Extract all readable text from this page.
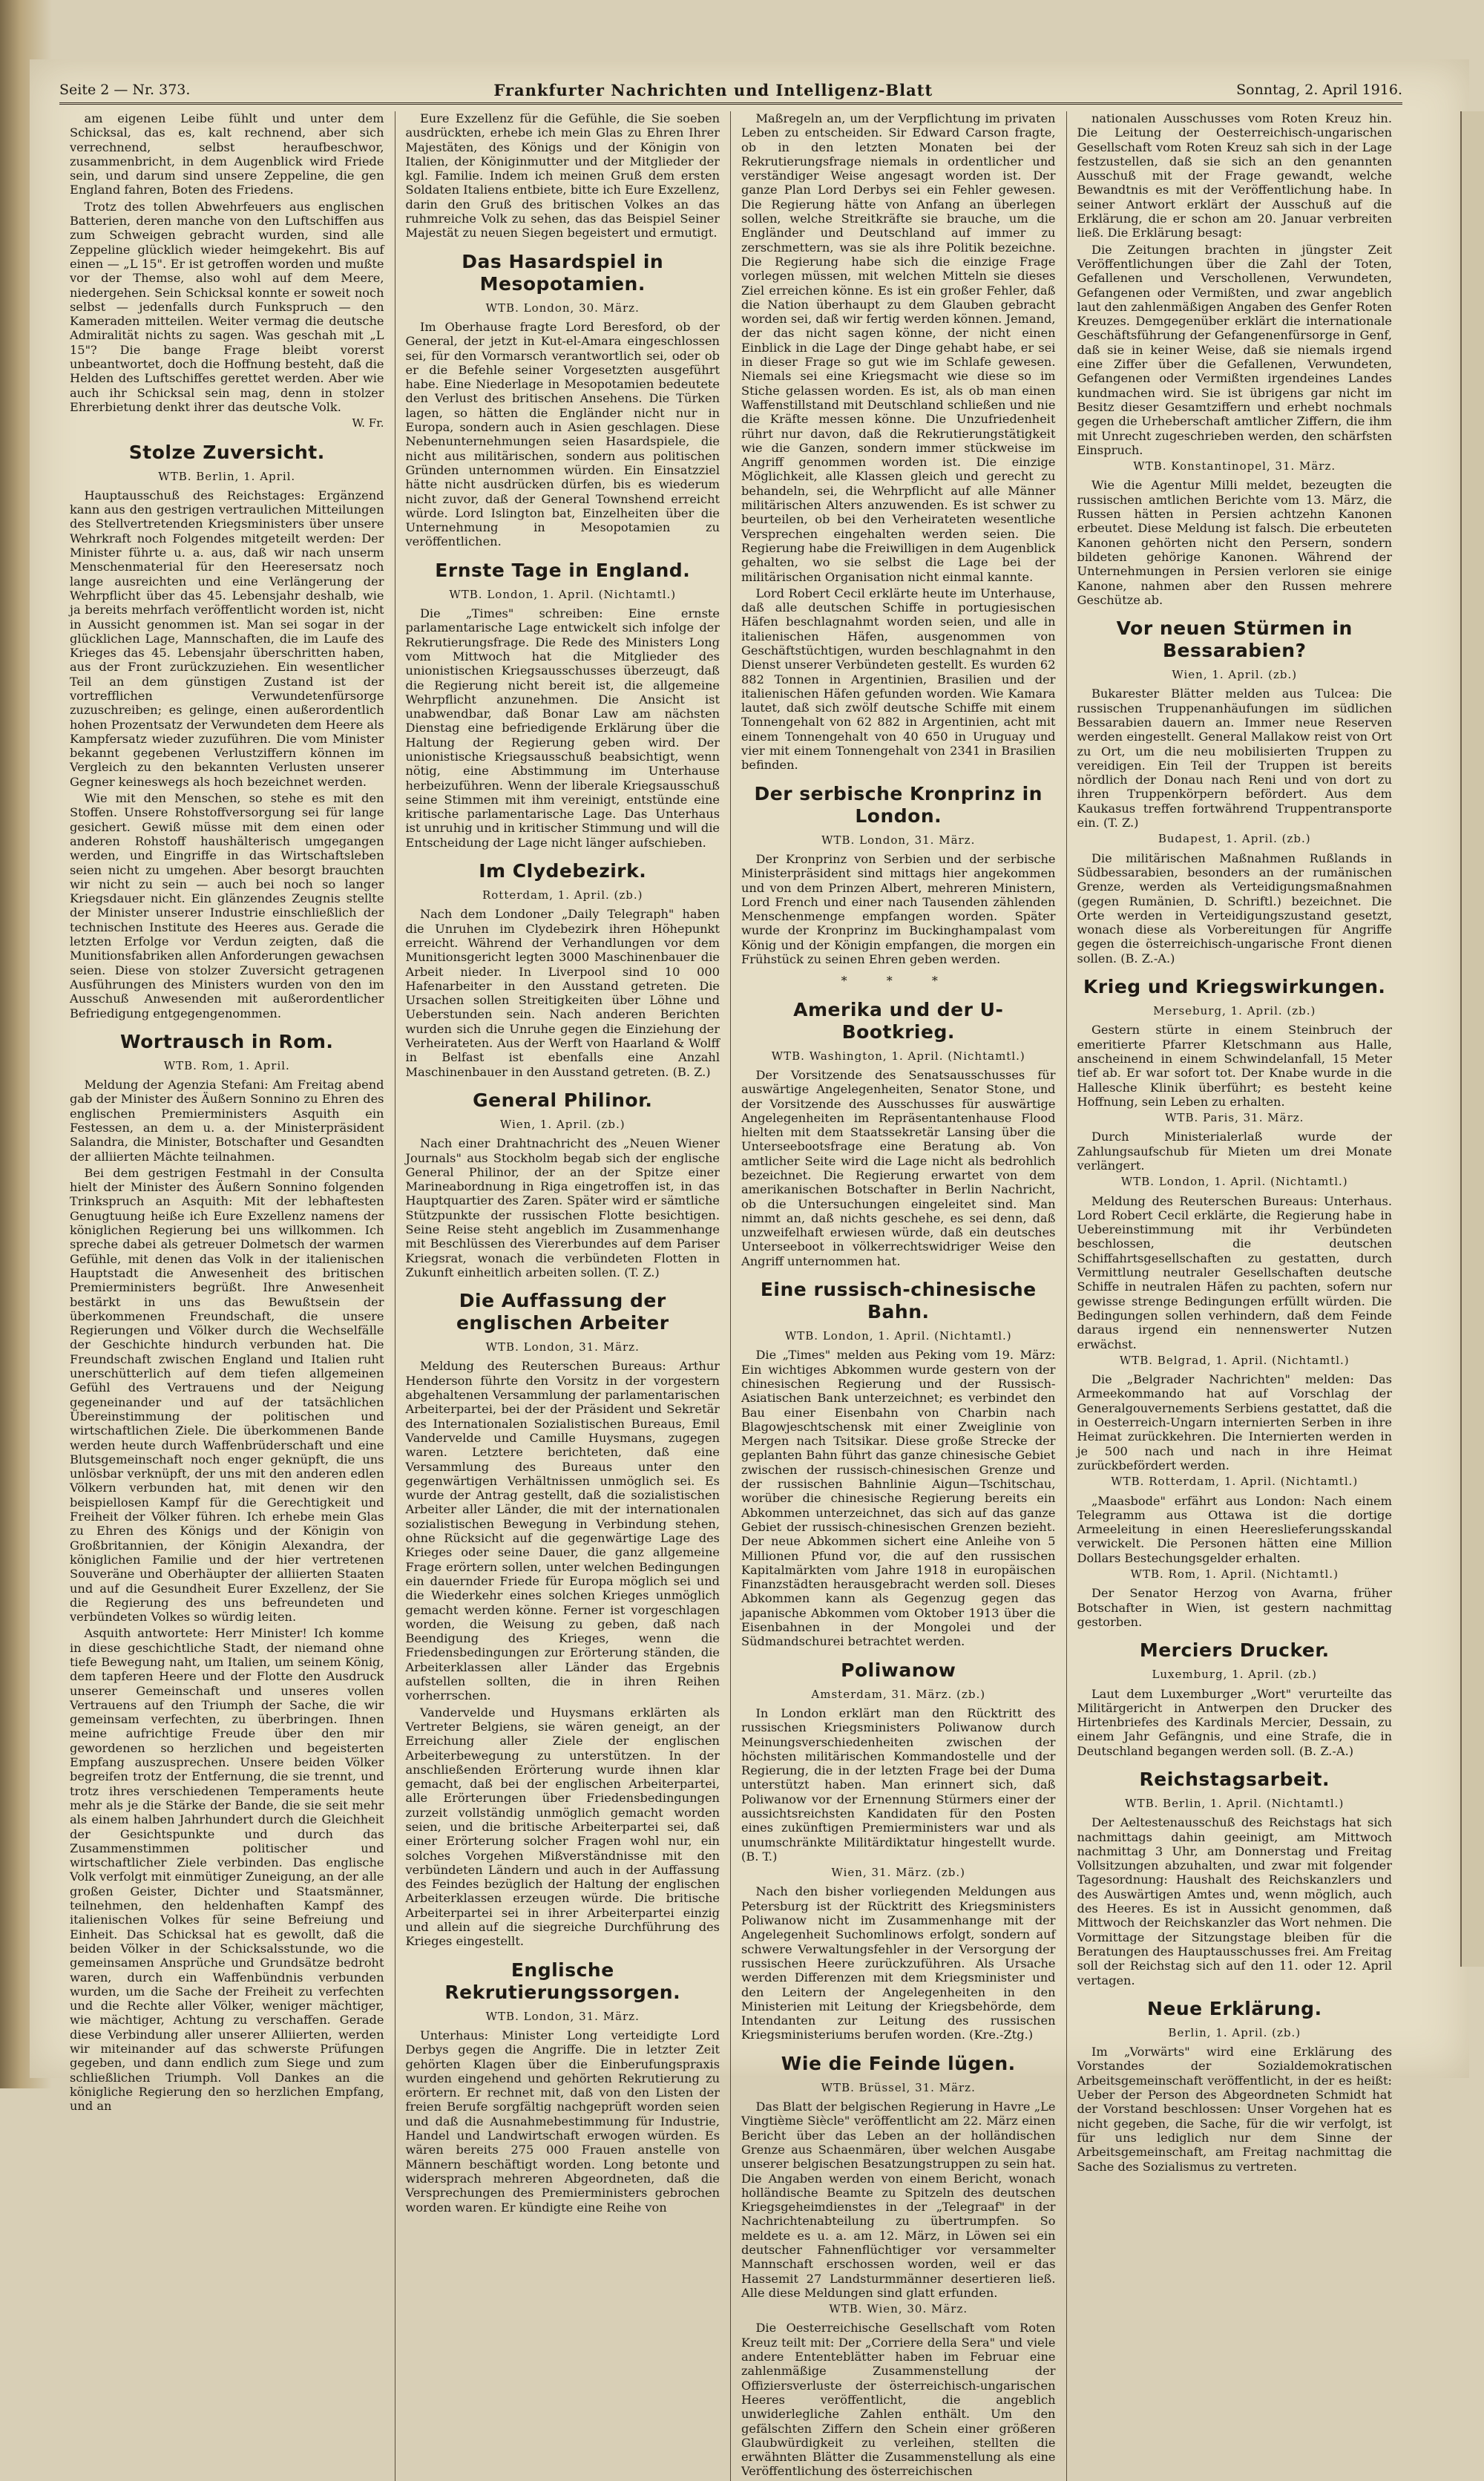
Seite 2 — Nr. 373.	Frankfurter Nachrichten und Intelligenz-Blatt	Sonntag, 2. April 1916.

am eigenen Leibe fühlt und unter dem Schicksal, das es, kalt rechnend, aber sich verrechnend, selbst heraufbeschwor, zusammenbricht, in dem Augenblick wird Friede sein, und darum sind unsere Zeppeline, die gen England fahren, Boten des Friedens.

Trotz des tollen Abwehrfeuers aus englischen Batterien, deren manche von den Luftschiffen aus zum Schweigen gebracht wurden, sind alle Zeppeline glücklich wieder heimgekehrt. Bis auf einen — „L 15". Er ist getroffen worden und mußte vor der Themse, also wohl auf dem Meere, niedergehen. Sein Schicksal konnte er soweit noch selbst — jedenfalls durch Funkspruch — den Kameraden mitteilen. Weiter vermag die deutsche Admiralität nichts zu sagen. Was geschah mit „L 15"? Die bange Frage bleibt vorerst unbeantwortet, doch die Hoffnung besteht, daß die Helden des Luftschiffes gerettet werden. Aber wie auch ihr Schicksal sein mag, denn in stolzer Ehrerbietung denkt ihrer das deutsche Volk.

W. Fr.
Stolze Zuversicht.
WTB. Berlin, 1. April.

Hauptausschuß des Reichstages: Ergänzend kann aus den gestrigen vertraulichen Mitteilungen des Stellvertretenden Kriegsministers über unsere Wehrkraft noch Folgendes mitgeteilt werden: Der Minister führte u. a. aus, daß wir nach unserm Menschenmaterial für den Heeresersatz noch lange ausreichten und eine Verlängerung der Wehrpflicht über das 45. Lebensjahr deshalb, wie ja bereits mehrfach veröffentlicht worden ist, nicht in Aussicht genommen ist. Man sei sogar in der glücklichen Lage, Mannschaften, die im Laufe des Krieges das 45. Lebensjahr überschritten haben, aus der Front zurückzuziehen. Ein wesentlicher Teil an dem günstigen Zustand ist der vortrefflichen Verwundetenfürsorge zuzuschreiben; es gelinge, einen außerordentlich hohen Prozentsatz der Verwundeten dem Heere als Kampfersatz wieder zuzuführen. Die vom Minister bekannt gegebenen Verlustziffern können im Vergleich zu den bekannten Verlusten unserer Gegner keineswegs als hoch bezeichnet werden.

Wie mit den Menschen, so stehe es mit den Stoffen. Unsere Rohstoffversorgung sei für lange gesichert. Gewiß müsse mit dem einen oder anderen Rohstoff haushälterisch umgegangen werden, und Eingriffe in das Wirtschaftsleben seien nicht zu umgehen. Aber besorgt brauchten wir nicht zu sein — auch bei noch so langer Kriegsdauer nicht. Ein glänzendes Zeugnis stellte der Minister unserer Industrie einschließlich der technischen Institute des Heeres aus. Gerade die letzten Erfolge vor Verdun zeigten, daß die Munitionsfabriken allen Anforderungen gewachsen seien. Diese von stolzer Zuversicht getragenen Ausführungen des Ministers wurden von den im Ausschuß Anwesenden mit außerordentlicher Befriedigung entgegengenommen.

Wortrausch in Rom.
WTB. Rom, 1. April.

Meldung der Agenzia Stefani: Am Freitag abend gab der Minister des Äußern Sonnino zu Ehren des englischen Premierministers Asquith ein Festessen, an dem u. a. der Ministerpräsident Salandra, die Minister, Botschafter und Gesandten der alliierten Mächte teilnahmen.

Bei dem gestrigen Festmahl in der Consulta hielt der Minister des Äußern Sonnino folgenden Trinkspruch an Asquith: Mit der lebhaftesten Genugtuung heiße ich Eure Exzellenz namens der königlichen Regierung bei uns willkommen. Ich spreche dabei als getreuer Dolmetsch der warmen Gefühle, mit denen das Volk in der italienischen Hauptstadt die Anwesenheit des britischen Premierministers begrüßt. Ihre Anwesenheit bestärkt in uns das Bewußtsein der überkommenen Freundschaft, die unsere Regierungen und Völker durch die Wechselfälle der Geschichte hindurch verbunden hat. Die Freundschaft zwischen England und Italien ruht unerschütterlich auf dem tiefen allgemeinen Gefühl des Vertrauens und der Neigung gegeneinander und auf der tatsächlichen Übereinstimmung der politischen und wirtschaftlichen Ziele. Die überkommenen Bande werden heute durch Waffenbrüderschaft und eine Blutsgemeinschaft noch enger geknüpft, die uns unlösbar verknüpft, der uns mit den anderen edlen Völkern verbunden hat, mit denen wir den beispiellosen Kampf für die Gerechtigkeit und Freiheit der Völker führen. Ich erhebe mein Glas zu Ehren des Königs und der Königin von Großbritannien, der Königin Alexandra, der königlichen Familie und der hier vertretenen Souveräne und Oberhäupter der alliierten Staaten und auf die Gesundheit Eurer Exzellenz, der Sie die Regierung des uns befreundeten und verbündeten Volkes so würdig leiten.

Asquith antwortete: Herr Minister! Ich komme in diese geschichtliche Stadt, der niemand ohne tiefe Bewegung naht, um Italien, um seinem König, dem tapferen Heere und der Flotte den Ausdruck unserer Gemeinschaft und unseres vollen Vertrauens auf den Triumph der Sache, die wir gemeinsam verfechten, zu überbringen. Ihnen meine aufrichtige Freude über den mir gewordenen so herzlichen und begeisterten Empfang auszusprechen. Unsere beiden Völker begreifen trotz der Entfernung, die sie trennt, und trotz ihres verschiedenen Temperaments heute mehr als je die Stärke der Bande, die sie seit mehr als einem halben Jahrhundert durch die Gleichheit der Gesichtspunkte und durch das Zusammenstimmen politischer und wirtschaftlicher Ziele verbinden. Das englische Volk verfolgt mit einmütiger Zuneigung, an der alle großen Geister, Dichter und Staatsmänner, teilnehmen, den heldenhaften Kampf des italienischen Volkes für seine Befreiung und Einheit. Das Schicksal hat es gewollt, daß die beiden Völker in der Schicksalsstunde, wo die gemeinsamen Ansprüche und Grundsätze bedroht waren, durch ein Waffenbündnis verbunden wurden, um die Sache der Freiheit zu verfechten und die Rechte aller Völker, weniger mächtiger, wie mächtiger, Achtung zu verschaffen. Gerade diese Verbindung aller unserer Alliierten, werden wir miteinander auf das schwerste Prüfungen gegeben, und dann endlich zum Siege und zum schließlichen Triumph. Voll Dankes an die königliche Regierung den so herzlichen Empfang, und an

Eure Exzellenz für die Gefühle, die Sie soeben ausdrückten, erhebe ich mein Glas zu Ehren Ihrer Majestäten, des Königs und der Königin von Italien, der Königinmutter und der Mitglieder der kgl. Familie. Indem ich meinen Gruß dem ersten Soldaten Italiens entbiete, bitte ich Eure Exzellenz, darin den Gruß des britischen Volkes an das ruhmreiche Volk zu sehen, das das Beispiel Seiner Majestät zu neuen Siegen begeistert und ermutigt.

Das Hasardspiel in Mesopotamien.
WTB. London, 30. März.

Im Oberhause fragte Lord Beresford, ob der General, der jetzt in Kut-el-Amara eingeschlossen sei, für den Vormarsch verantwortlich sei, oder ob er die Befehle seiner Vorgesetzten ausgeführt habe. Eine Niederlage in Mesopotamien bedeutete den Verlust des britischen Ansehens. Die Türken lagen, so hätten die Engländer nicht nur in Europa, sondern auch in Asien geschlagen. Diese Nebenunternehmungen seien Hasardspiele, die nicht aus militärischen, sondern aus politischen Gründen unternommen würden. Ein Einsatzziel hätte nicht ausdrücken dürfen, bis es wiederum nicht zuvor, daß der General Townshend erreicht würde. Lord Islington bat, Einzelheiten über die Unternehmung in Mesopotamien zu veröffentlichen.

Ernste Tage in England.
WTB. London, 1. April. (Nichtamtl.)

Die „Times" schreiben: Eine ernste parlamentarische Lage entwickelt sich infolge der Rekrutierungsfrage. Die Rede des Ministers Long vom Mittwoch hat die Mitglieder des unionistischen Kriegsausschusses überzeugt, daß die Regierung nicht bereit ist, die allgemeine Wehrpflicht anzunehmen. Die Ansicht ist unabwendbar, daß Bonar Law am nächsten Dienstag eine befriedigende Erklärung über die Haltung der Regierung geben wird. Der unionistische Kriegsausschuß beabsichtigt, wenn nötig, eine Abstimmung im Unterhause herbeizuführen. Wenn der liberale Kriegsausschuß seine Stimmen mit ihm vereinigt, entstünde eine kritische parlamentarische Lage. Das Unterhaus ist unruhig und in kritischer Stimmung und will die Entscheidung der Lage nicht länger aufschieben.

Im Clydebezirk.
Rotterdam, 1. April. (zb.)

Nach dem Londoner „Daily Telegraph" haben die Unruhen im Clydebezirk ihren Höhepunkt erreicht. Während der Verhandlungen vor dem Munitionsgericht legten 3000 Maschinenbauer die Arbeit nieder. In Liverpool sind 10 000 Hafenarbeiter in den Ausstand getreten. Die Ursachen sollen Streitigkeiten über Löhne und Ueberstunden sein. Nach anderen Berichten wurden sich die Unruhe gegen die Einziehung der Verheirateten. Aus der Werft von Haarland & Wolff in Belfast ist ebenfalls eine Anzahl Maschinenbauer in den Ausstand getreten. (B. Z.)

General Philinor.
Wien, 1. April. (zb.)

Nach einer Drahtnachricht des „Neuen Wiener Journals" aus Stockholm begab sich der englische General Philinor, der an der Spitze einer Marineabordnung in Riga eingetroffen ist, in das Hauptquartier des Zaren. Später wird er sämtliche Stützpunkte der russischen Flotte besichtigen. Seine Reise steht angeblich im Zusammenhange mit Beschlüssen des Viererbundes auf dem Pariser Kriegsrat, wonach die verbündeten Flotten in Zukunft einheitlich arbeiten sollen. (T. Z.)

Die Auffassung der englischen Arbeiter
WTB. London, 31. März.

Meldung des Reuterschen Bureaus: Arthur Henderson führte den Vorsitz in der vorgestern abgehaltenen Versammlung der parlamentarischen Arbeiterpartei, bei der der Präsident und Sekretär des Internationalen Sozialistischen Bureaus, Emil Vandervelde und Camille Huysmans, zugegen waren. Letztere berichteten, daß eine Versammlung des Bureaus unter den gegenwärtigen Verhältnissen unmöglich sei. Es wurde der Antrag gestellt, daß die sozialistischen Arbeiter aller Länder, die mit der internationalen sozialistischen Bewegung in Verbindung stehen, ohne Rücksicht auf die gegenwärtige Lage des Krieges oder seine Dauer, die ganz allgemeine Frage erörtern sollen, unter welchen Bedingungen ein dauernder Friede für Europa möglich sei und die Wiederkehr eines solchen Krieges unmöglich gemacht werden könne. Ferner ist vorgeschlagen worden, die Weisung zu geben, daß nach Beendigung des Krieges, wenn die Friedensbedingungen zur Erörterung ständen, die Arbeiterklassen aller Länder das Ergebnis aufstellen sollten, die in ihren Reihen vorherrschen.

Vandervelde und Huysmans erklärten als Vertreter Belgiens, sie wären geneigt, an der Erreichung aller Ziele der englischen Arbeiterbewegung zu unterstützen. In der anschließenden Erörterung wurde ihnen klar gemacht, daß bei der englischen Arbeiterpartei, alle Erörterungen über Friedensbedingungen zurzeit vollständig unmöglich gemacht worden seien, und die britische Arbeiterpartei sei, daß einer Erörterung solcher Fragen wohl nur, ein solches Vorgehen Mißverständnisse mit den verbündeten Ländern und auch in der Auffassung des Feindes bezüglich der Haltung der englischen Arbeiterklassen erzeugen würde. Die britische Arbeiterpartei sei in ihrer Arbeiterpartei einzig und allein auf die siegreiche Durchführung des Krieges eingestellt.

Englische Rekrutierungssorgen.
WTB. London, 31. März.

Unterhaus: Minister Long verteidigte Lord Derbys gegen die Angriffe. Die in letzter Zeit gehörten Klagen über die Einberufungspraxis wurden eingehend und gehörten Rekrutierung zu erörtern. Er rechnet mit, daß von den Listen der freien Berufe sorgfältig nachgeprüft worden seien und daß die Ausnahmebestimmung für Industrie, Handel und Landwirtschaft erwogen würden. Es wären bereits 275 000 Frauen anstelle von Männern beschäftigt worden. Long betonte und widersprach mehreren Abgeordneten, daß die Versprechungen des Premierministers gebrochen worden waren. Er kündigte eine Reihe von

Maßregeln an, um der Verpflichtung im privaten Leben zu entscheiden. Sir Edward Carson fragte, ob in den letzten Monaten bei der Rekrutierungsfrage niemals in ordentlicher und verständiger Weise angesagt worden ist. Der ganze Plan Lord Derbys sei ein Fehler gewesen. Die Regierung hätte von Anfang an überlegen sollen, welche Streitkräfte sie brauche, um die Engländer und Deutschland auf immer zu zerschmettern, was sie als ihre Politik bezeichne. Die Regierung habe sich die einzige Frage vorlegen müssen, mit welchen Mitteln sie dieses Ziel erreichen könne. Es ist ein großer Fehler, daß die Nation überhaupt zu dem Glauben gebracht worden sei, daß wir fertig werden können. Jemand, der das nicht sagen könne, der nicht einen Einblick in die Lage der Dinge gehabt habe, er sei in dieser Frage so gut wie im Schlafe gewesen. Niemals sei eine Kriegsmacht wie diese so im Stiche gelassen worden. Es ist, als ob man einen Waffenstillstand mit Deutschland schließen und nie die Kräfte messen könne. Die Unzufriedenheit rührt nur davon, daß die Rekrutierungstätigkeit wie die Ganzen, sondern immer stückweise im Angriff genommen worden ist. Die einzige Möglichkeit, alle Klassen gleich und gerecht zu behandeln, sei, die Wehrpflicht auf alle Männer militärischen Alters anzuwenden. Es ist schwer zu beurteilen, ob bei den Verheirateten wesentliche Versprechen eingehalten werden seien. Die Regierung habe die Freiwilligen in dem Augenblick gehalten, wo sie selbst die Lage bei der militärischen Organisation nicht einmal kannte.

Lord Robert Cecil erklärte heute im Unterhause, daß alle deutschen Schiffe in portugiesischen Häfen beschlagnahmt worden seien, und alle in italienischen Häfen, ausgenommen von Geschäftstüchtigen, wurden beschlagnahmt in den Dienst unserer Verbündeten gestellt. Es wurden 62 882 Tonnen in Argentinien, Brasilien und der italienischen Häfen gefunden worden. Wie Kamara lautet, daß sich zwölf deutsche Schiffe mit einem Tonnengehalt von 62 882 in Argentinien, acht mit einem Tonnengehalt von 40 650 in Uruguay und vier mit einem Tonnengehalt von 2341 in Brasilien befinden.

Der serbische Kronprinz in London.
WTB. London, 31. März.

Der Kronprinz von Serbien und der serbische Ministerpräsident sind mittags hier angekommen und von dem Prinzen Albert, mehreren Ministern, Lord French und einer nach Tausenden zählenden Menschenmenge empfangen worden. Später wurde der Kronprinz im Buckinghampalast vom König und der Königin empfangen, die morgen ein Frühstück zu seinen Ehren geben werden.

* * *
Amerika und der U-Bootkrieg.
WTB. Washington, 1. April. (Nichtamtl.)

Der Vorsitzende des Senatsausschusses für auswärtige Angelegenheiten, Senator Stone, und der Vorsitzende des Ausschusses für auswärtige Angelegenheiten im Repräsentantenhause Flood hielten mit dem Staatssekretär Lansing über die Unterseebootsfrage eine Beratung ab. Von amtlicher Seite wird die Lage nicht als bedrohlich bezeichnet. Die Regierung erwartet von dem amerikanischen Botschafter in Berlin Nachricht, ob die Untersuchungen eingeleitet sind. Man nimmt an, daß nichts geschehe, es sei denn, daß unzweifelhaft erwiesen würde, daß ein deutsches Unterseeboot in völkerrechtswidriger Weise den Angriff unternommen hat.

Eine russisch-chinesische Bahn.
WTB. London, 1. April. (Nichtamtl.)

Die „Times" melden aus Peking vom 19. März: Ein wichtiges Abkommen wurde gestern von der chinesischen Regierung und der Russisch-Asiatischen Bank unterzeichnet; es verbindet den Bau einer Eisenbahn von Charbin nach Blagowjeschtschensk mit einer Zweiglinie von Mergen nach Tsitsikar. Diese große Strecke der geplanten Bahn führt das ganze chinesische Gebiet zwischen der russisch-chinesischen Grenze und der russischen Bahnlinie Aigun—Tschitschau, worüber die chinesische Regierung bereits ein Abkommen unterzeichnet, das sich auf das ganze Gebiet der russisch-chinesischen Grenzen bezieht. Der neue Abkommen sichert eine Anleihe von 5 Millionen Pfund vor, die auf den russischen Kapitalmärkten vom Jahre 1918 in europäischen Finanzstädten herausgebracht werden soll. Dieses Abkommen kann als Gegenzug gegen das japanische Abkommen vom Oktober 1913 über die Eisenbahnen in der Mongolei und der Südmandschurei betrachtet werden.

Poliwanow
Amsterdam, 31. März. (zb.)

In London erklärt man den Rücktritt des russischen Kriegsministers Poliwanow durch Meinungsverschiedenheiten zwischen der höchsten militärischen Kommandostelle und der Regierung, die in der letzten Frage bei der Duma unterstützt haben. Man erinnert sich, daß Poliwanow vor der Ernennung Stürmers einer der aussichtsreichsten Kandidaten für den Posten eines zukünftigen Premierministers war und als unumschränkte Militärdiktatur hingestellt wurde. (B. T.)

Wien, 31. März. (zb.)

Nach den bisher vorliegenden Meldungen aus Petersburg ist der Rücktritt des Kriegsministers Poliwanow nicht im Zusammenhange mit der Angelegenheit Suchomlinows erfolgt, sondern auf schwere Verwaltungsfehler in der Versorgung der russischen Heere zurückzuführen. Als Ursache werden Differenzen mit dem Kriegsminister und den Leitern der Angelegenheiten in den Ministerien mit Leitung der Kriegsbehörde, dem Intendanten zur Leitung des russischen Kriegsministeriums berufen worden. (Kre.-Ztg.)

Wie die Feinde lügen.
WTB. Brüssel, 31. März.

Das Blatt der belgischen Regierung in Havre „Le Vingtième Siècle" veröffentlicht am 22. März einen Bericht über das Leben an der holländischen Grenze aus Schaenmären, über welchen Ausgabe unserer belgischen Besatzungstruppen zu sein hat. Die Angaben werden von einem Bericht, wonach holländische Beamte zu Spitzeln des deutschen Kriegsgeheimdienstes in der „Telegraaf" in der Nachrichtenabteilung zu übertrumpfen. So meldete es u. a. am 12. März, in Löwen sei ein deutscher Fahnenflüchtiger vor versammelter Mannschaft erschossen worden, weil er das Hassemit 27 Landsturmmänner desertieren ließ. Alle diese Meldungen sind glatt erfunden.

WTB. Wien, 30. März.

Die Oesterreichische Gesellschaft vom Roten Kreuz teilt mit: Der „Corriere della Sera" und viele andere Ententeblätter haben im Februar eine zahlenmäßige Zusammenstellung der Offiziersverluste der österreichisch-ungarischen Heeres veröffentlicht, die angeblich unwiderlegliche Zahlen enthält. Um den gefälschten Ziffern den Schein einer größeren Glaubwürdigkeit zu verleihen, stellten die erwähnten Blätter die Zusammenstellung als eine Veröffentlichung des österreichischen

nationalen Ausschusses vom Roten Kreuz hin. Die Leitung der Oesterreichisch-ungarischen Gesellschaft vom Roten Kreuz sah sich in der Lage festzustellen, daß sie sich an den genannten Ausschuß mit der Frage gewandt, welche Bewandtnis es mit der Veröffentlichung habe. In seiner Antwort erklärt der Ausschuß auf die Erklärung, die er schon am 20. Januar verbreiten ließ. Die Erklärung besagt:

Die Zeitungen brachten in jüngster Zeit Veröffentlichungen über die Zahl der Toten, Gefallenen und Verschollenen, Verwundeten, Gefangenen oder Vermißten, und zwar angeblich laut den zahlenmäßigen Angaben des Genfer Roten Kreuzes. Demgegenüber erklärt die internationale Geschäftsführung der Gefangenenfürsorge in Genf, daß sie in keiner Weise, daß sie niemals irgend eine Ziffer über die Gefallenen, Verwundeten, Gefangenen oder Vermißten irgendeines Landes kundmachen wird. Sie ist übrigens gar nicht im Besitz dieser Gesamtziffern und erhebt nochmals gegen die Urheberschaft amtlicher Ziffern, die ihm mit Unrecht zugeschrieben werden, den schärfsten Einspruch.

WTB. Konstantinopel, 31. März.

Wie die Agentur Milli meldet, bezeugten die russischen amtlichen Berichte vom 13. März, die Russen hätten in Persien achtzehn Kanonen erbeutet. Diese Meldung ist falsch. Die erbeuteten Kanonen gehörten nicht den Persern, sondern bildeten gehörige Kanonen. Während der Unternehmungen in Persien verloren sie einige Kanone, nahmen aber den Russen mehrere Geschütze ab.

Vor neuen Stürmen in Bessarabien?
Wien, 1. April. (zb.)

Bukarester Blätter melden aus Tulcea: Die russischen Truppenanhäufungen im südlichen Bessarabien dauern an. Immer neue Reserven werden eingestellt. General Mallakow reist von Ort zu Ort, um die neu mobilisierten Truppen zu vereidigen. Ein Teil der Truppen ist bereits nördlich der Donau nach Reni und von dort zu ihren Truppenkörpern befördert. Aus dem Kaukasus treffen fortwährend Truppentransporte ein. (T. Z.)

Budapest, 1. April. (zb.)

Die militärischen Maßnahmen Rußlands in Südbessarabien, besonders an der rumänischen Grenze, werden als Verteidigungsmaßnahmen (gegen Rumänien, D. Schriftl.) bezeichnet. Die Orte werden in Verteidigungszustand gesetzt, wonach diese als Vorbereitungen für Angriffe gegen die österreichisch-ungarische Front dienen sollen. (B. Z.-A.)

Krieg und Kriegswirkungen.
Merseburg, 1. April. (zb.)

Gestern stürte in einem Steinbruch der emeritierte Pfarrer Kletschmann aus Halle, anscheinend in einem Schwindelanfall, 15 Meter tief ab. Er war sofort tot. Der Knabe wurde in die Hallesche Klinik überführt; es besteht keine Hoffnung, sein Leben zu erhalten.

WTB. Paris, 31. März.

Durch Ministerialerlaß wurde der Zahlungsaufschub für Mieten um drei Monate verlängert.

WTB. London, 1. April. (Nichtamtl.)

Meldung des Reuterschen Bureaus: Unterhaus. Lord Robert Cecil erklärte, die Regierung habe in Uebereinstimmung mit ihr Verbündeten beschlossen, die deutschen Schiffahrtsgesellschaften zu gestatten, durch Vermittlung neutraler Gesellschaften deutsche Schiffe in neutralen Häfen zu pachten, sofern nur gewisse strenge Bedingungen erfüllt würden. Die Bedingungen sollen verhindern, daß dem Feinde daraus irgend ein nennenswerter Nutzen erwächst.

WTB. Belgrad, 1. April. (Nichtamtl.)

Die „Belgrader Nachrichten" melden: Das Armeekommando hat auf Vorschlag der Generalgouvernements Serbiens gestattet, daß die in Oesterreich-Ungarn internierten Serben in ihre Heimat zurückkehren. Die Internierten werden in je 500 nach und nach in ihre Heimat zurückbefördert werden.

WTB. Rotterdam, 1. April. (Nichtamtl.)

„Maasbode" erfährt aus London: Nach einem Telegramm aus Ottawa ist die dortige Armeeleitung in einen Heereslieferungsskandal verwickelt. Die Personen hätten eine Million Dollars Bestechungsgelder erhalten.

WTB. Rom, 1. April. (Nichtamtl.)

Der Senator Herzog von Avarna, früher Botschafter in Wien, ist gestern nachmittag gestorben.

Merciers Drucker.
Luxemburg, 1. April. (zb.)

Laut dem Luxemburger „Wort" verurteilte das Militärgericht in Antwerpen den Drucker des Hirtenbriefes des Kardinals Mercier, Dessain, zu einem Jahr Gefängnis, und eine Strafe, die in Deutschland begangen werden soll. (B. Z.-A.)

Reichstagsarbeit.
WTB. Berlin, 1. April. (Nichtamtl.)

Der Aeltestenausschuß des Reichstags hat sich nachmittags dahin geeinigt, am Mittwoch nachmittag 3 Uhr, am Donnerstag und Freitag Vollsitzungen abzuhalten, und zwar mit folgender Tagesordnung: Haushalt des Reichskanzlers und des Auswärtigen Amtes und, wenn möglich, auch des Heeres. Es ist in Aussicht genommen, daß Mittwoch der Reichskanzler das Wort nehmen. Die Vormittage der Sitzungstage bleiben für die Beratungen des Hauptausschusses frei. Am Freitag soll der Reichstag sich auf den 11. oder 12. April vertagen.

Neue Erklärung.
Berlin, 1. April. (zb.)

Im „Vorwärts" wird eine Erklärung des Vorstandes der Sozialdemokratischen Arbeitsgemeinschaft veröffentlicht, in der es heißt: Ueber der Person des Abgeordneten Schmidt hat der Vorstand beschlossen: Unser Vorgehen hat es nicht gegeben, die Sache, für die wir verfolgt, ist für uns lediglich nur dem Sinne der Arbeitsgemeinschaft, am Freitag nachmittag die Sache des Sozialismus zu vertreten.
